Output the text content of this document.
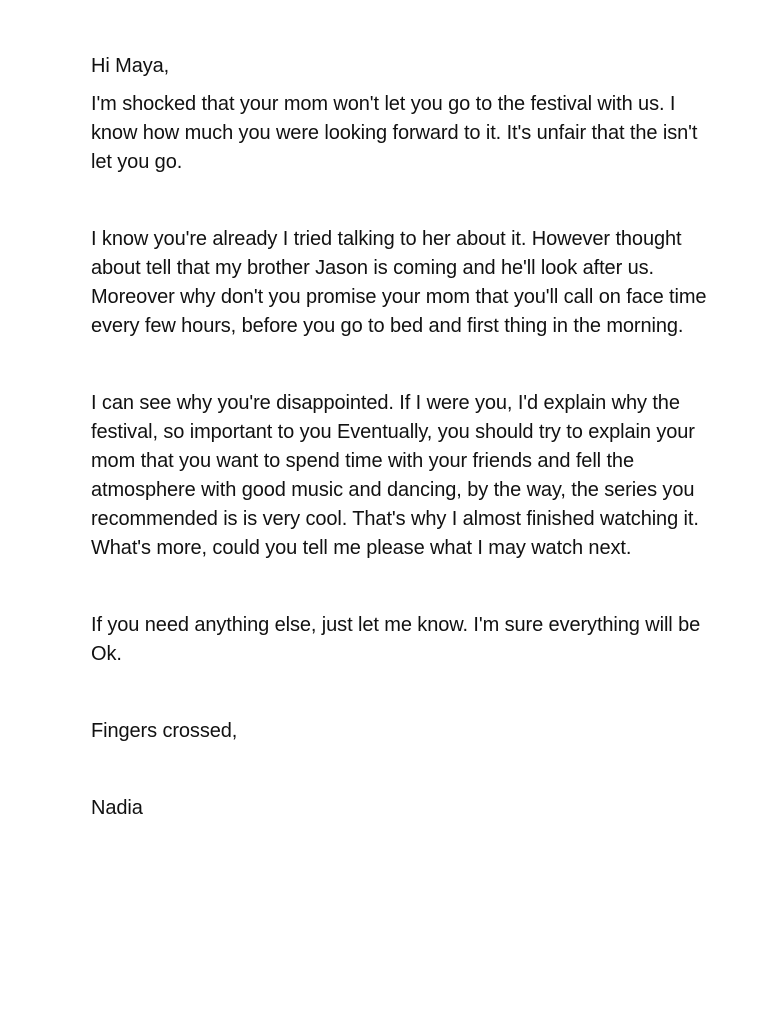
Hi Maya,

I'm shocked that your mom won't let you go to the festival with us. I know how much you were looking forward to it. It's unfair that the isn't let you go.

I know you're already I tried talking to her about it. However thought about tell that my brother Jason is coming and he'll look after us. Moreover why don't you promise your mom that you'll call on face time every few hours, before you go to bed and first thing in the morning.

I can see why you're disappointed. If I were you, I'd explain why the festival, so important to you Eventually, you should try to explain your mom that you want to spend time with your friends and fell the atmosphere with good music and dancing, by the way, the series you recommended is is very cool. That's why I almost finished watching it. What's more, could you tell me please what I may watch next.

If you need anything else, just let me know. I'm sure everything will be Ok.

Fingers crossed,

Nadia
